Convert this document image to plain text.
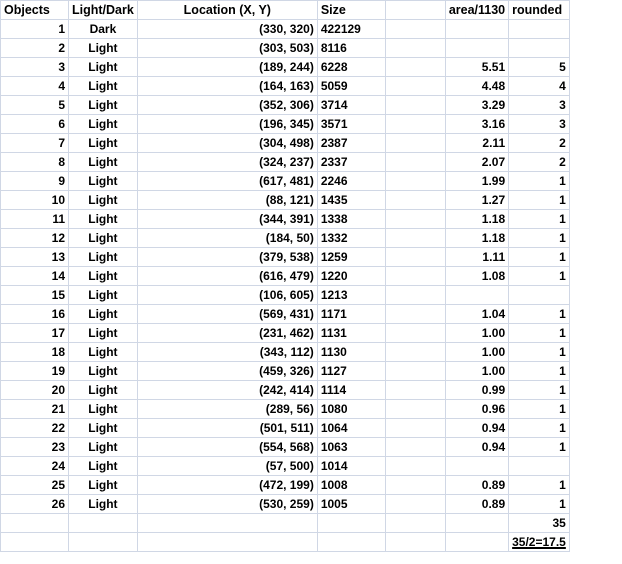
Objects	Light/Dark	Location (X, Y)	Size		area/1130	rounded
1	Dark	(330, 320)	422129			
2	Light	(303, 503)	8116			
3	Light	(189, 244)	6228		5.51	5
4	Light	(164, 163)	5059		4.48	4
5	Light	(352, 306)	3714		3.29	3
6	Light	(196, 345)	3571		3.16	3
7	Light	(304, 498)	2387		2.11	2
8	Light	(324, 237)	2337		2.07	2
9	Light	(617, 481)	2246		1.99	1
10	Light	(88, 121)	1435		1.27	1
11	Light	(344, 391)	1338		1.18	1
12	Light	(184, 50)	1332		1.18	1
13	Light	(379, 538)	1259		1.11	1
14	Light	(616, 479)	1220		1.08	1
15	Light	(106, 605)	1213			
16	Light	(569, 431)	1171		1.04	1
17	Light	(231, 462)	1131		1.00	1
18	Light	(343, 112)	1130		1.00	1
19	Light	(459, 326)	1127		1.00	1
20	Light	(242, 414)	1114		0.99	1
21	Light	(289, 56)	1080		0.96	1
22	Light	(501, 511)	1064		0.94	1
23	Light	(554, 568)	1063		0.94	1
24	Light	(57, 500)	1014			
25	Light	(472, 199)	1008		0.89	1
26	Light	(530, 259)	1005		0.89	1
						35
						35/2=17.5
